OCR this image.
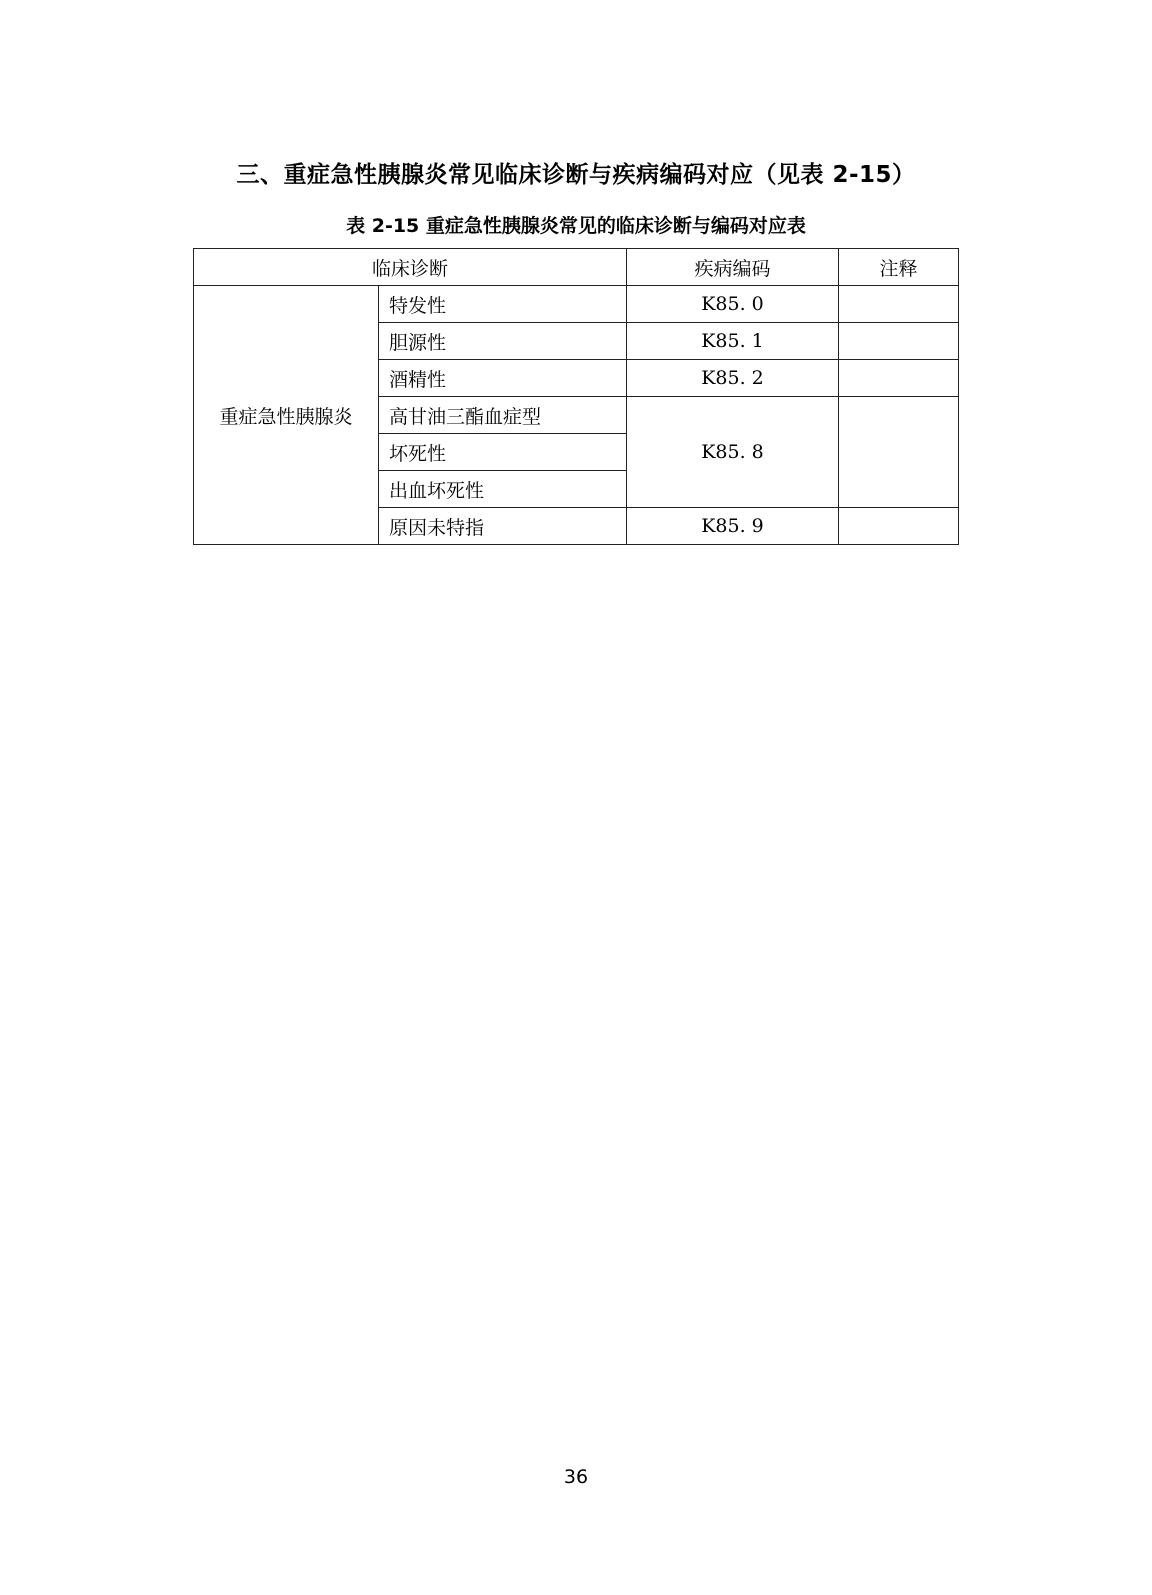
三、重症急性胰腺炎常见临床诊断与疾病编码对应（见表 2-15）
表 2-15 重症急性胰腺炎常见的临床诊断与编码对应表
临床诊断		疾病编码	注释
重症急性胰腺炎	特发性	K85. 0	
	胆源性	K85. 1	
	酒精性	K85. 2	
	高甘油三酯血症型	K85. 8	
	坏死性		
	出血坏死性		
	原因未特指	K85. 9	
36
